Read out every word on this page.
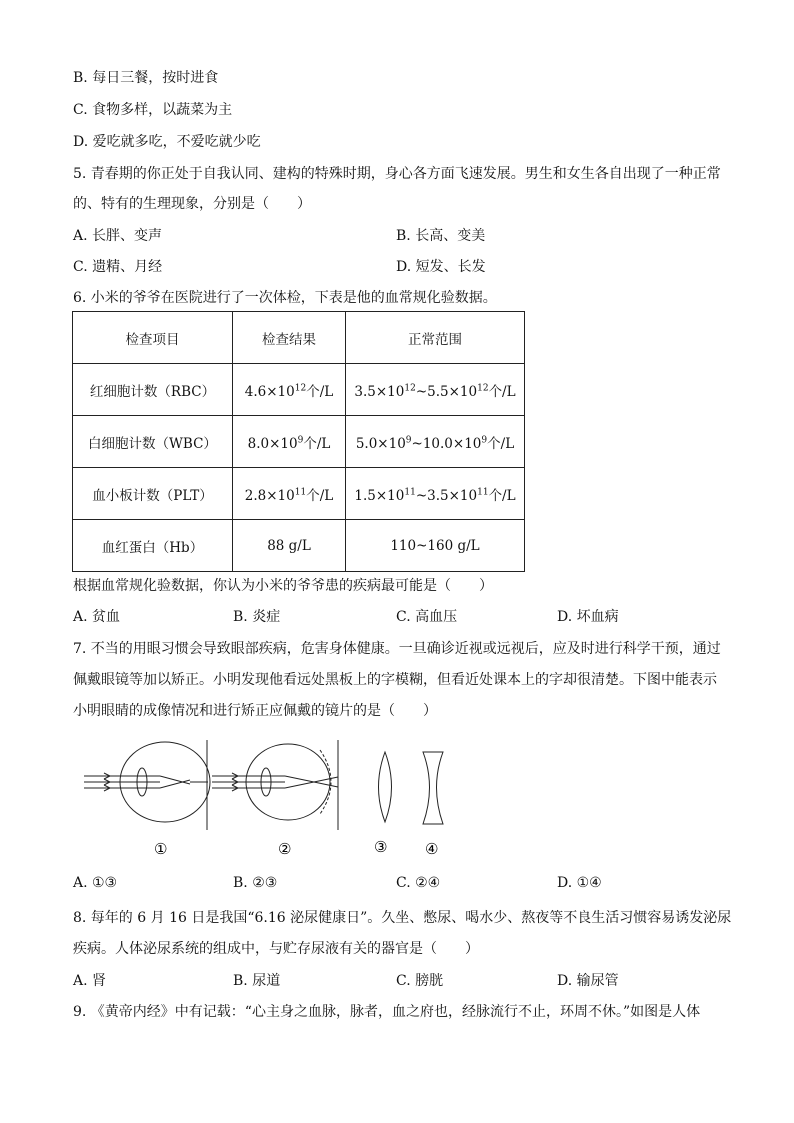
B. 每日三餐，按时进食
C. 食物多样，以蔬菜为主
D. 爱吃就多吃，不爱吃就少吃
5. 青春期的你正处于自我认同、建构的特殊时期，身心各方面飞速发展。男生和女生各自出现了一种正常
的、特有的生理现象，分别是（　　）
A. 长胖、变声	B. 长高、变美
C. 遗精、月经	D. 短发、长发
6. 小米的爷爷在医院进行了一次体检，下表是他的血常规化验数据。
检查项目	检查结果	正常范围
红细胞计数（RBC）	$4.6\times 10^{12}$个/L	$3.5\times 10^{12}\sim 5.5\times 10^{12}$个/L
白细胞计数（WBC）	$8.0\times 10^9$个/L	$5.0\times 10^9\sim 10.0\times 10^9$个/L
血小板计数（PLT）	$2.8\times 10^{11}$个/L	$1.5\times 10^{11}\sim 3.5\times 10^{11}$个/L
血红蛋白（Hb）	88 g/L	110~160 g/L
根据血常规化验数据，你认为小米的爷爷患的疾病最可能是（　　）
A. 贫血	B. 炎症	C. 高血压	D. 坏血病
7. 不当的用眼习惯会导致眼部疾病，危害身体健康。一旦确诊近视或远视后，应及时进行科学干预，通过
佩戴眼镜等加以矫正。小明发现他看远处黑板上的字模糊，但看近处课本上的字却很清楚。下图中能表示
小明眼睛的成像情况和进行矫正应佩戴的镜片的是（　　）
①	②	③	④
A. ①③	B. ②③	C. ②④	D. ①④
8. 每年的 6 月 16 日是我国“6.16 泌尿健康日”。久坐、憋尿、喝水少、熬夜等不良生活习惯容易诱发泌尿
疾病。人体泌尿系统的组成中，与贮存尿液有关的器官是（　　）
A. 肾	B. 尿道	C. 膀胱	D. 输尿管
9. 《黄帝内经》中有记载：“心主身之血脉，脉者，血之府也，经脉流行不止，环周不休。”如图是人体
